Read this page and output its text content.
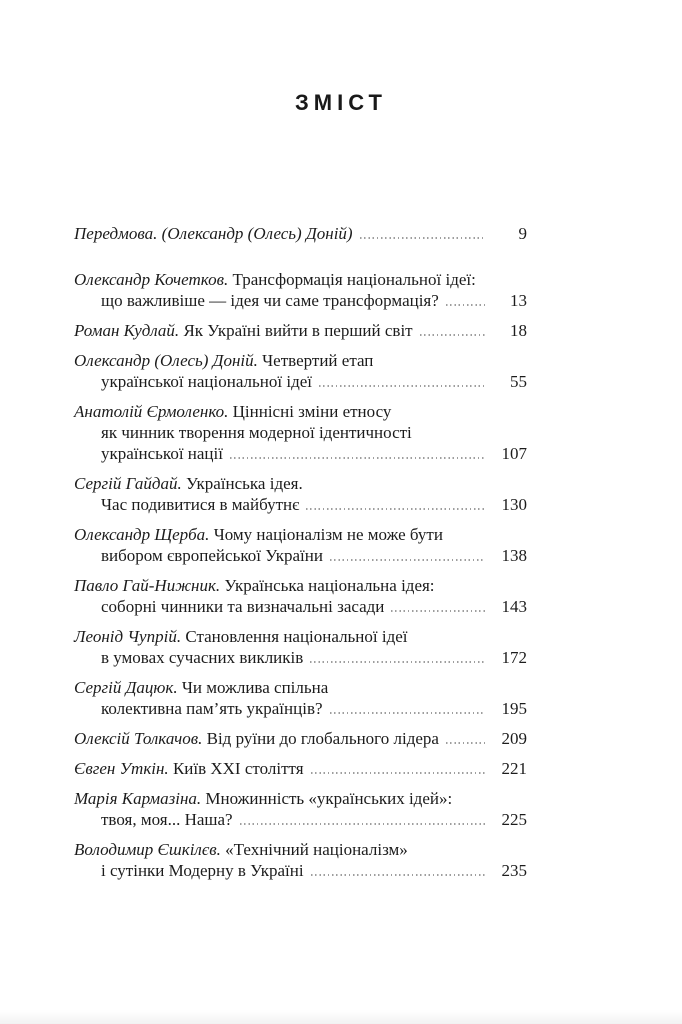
ЗМІСТ
Передмова. (Олександр (Олесь) Доній)	9
Олександр Кочетков. Трансформація національної ідеї:
що важливіше — ідея чи саме трансформація?	13
Роман Кудлай. Як Україні вийти в перший світ	18
Олександр (Олесь) Доній. Четвертий етап
української національної ідеї	55
Анатолій Єрмоленко. Ціннісні зміни етносу
як чинник творення модерної ідентичності
української нації	107
Сергій Гайдай. Українська ідея.
Час подивитися в майбутнє	130
Олександр Щерба. Чому націоналізм не може бути
вибором європейської України	138
Павло Гай-Нижник. Українська національна ідея:
соборні чинники та визначальні засади	143
Леонід Чупрій. Становлення національної ідеї
в умовах сучасних викликів	172
Сергій Дацюк. Чи можлива спільна
колективна пам’ять українців?	195
Олексій Толкачов. Від руїни до глобального лідера	209
Євген Уткін. Київ XXI століття	221
Марія Кармазіна. Множинність «українських ідей»:
твоя, моя... Наша?	225
Володимир Єшкілєв. «Технічний націоналізм»
і сутінки Модерну в Україні	235
